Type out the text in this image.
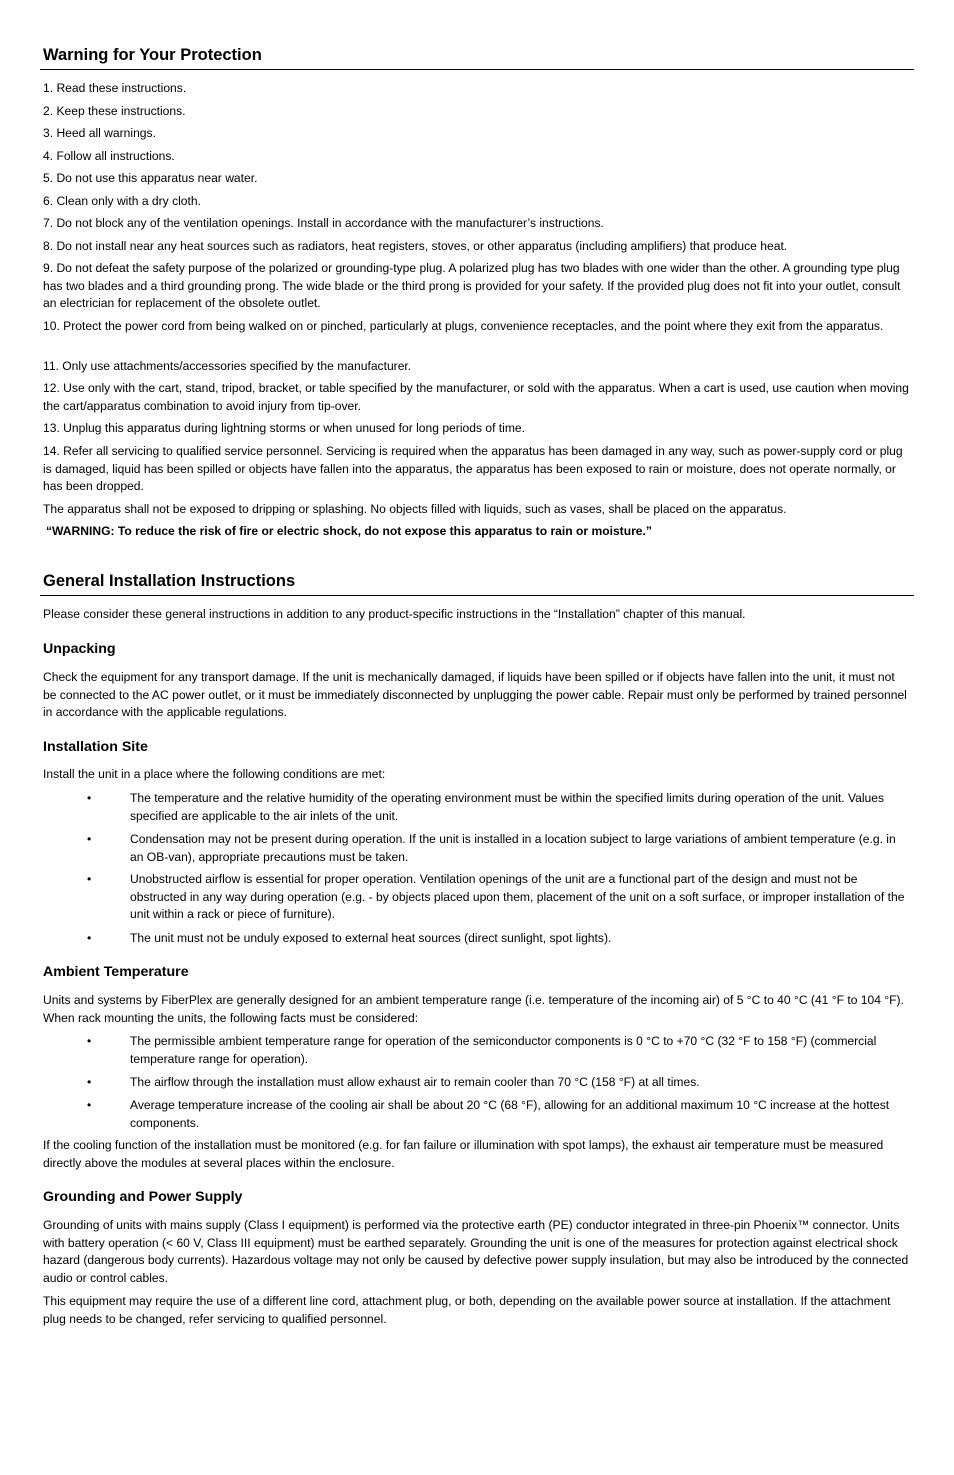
Warning for Your Protection

1. Read these instructions.

2. Keep these instructions.

3. Heed all warnings.

4. Follow all instructions.

5. Do not use this apparatus near water.

6. Clean only with a dry cloth.

7. Do not block any of the ventilation openings. Install in accordance with the manufacturer’s instructions.

8. Do not install near any heat sources such as radiators, heat registers, stoves, or other apparatus (including amplifiers) that produce heat.

9. Do not defeat the safety purpose of the polarized or grounding-type plug. A polarized plug has two blades with one wider than the other. A grounding type plug has two blades and a third grounding prong. The wide blade or the third prong is provided for your safety. If the provided plug does not fit into your outlet, consult an electrician for replacement of the obsolete outlet.

10. Protect the power cord from being walked on or pinched, particularly at plugs, convenience receptacles, and the point where they exit from the apparatus.

11. Only use attachments/accessories specified by the manufacturer.

12. Use only with the cart, stand, tripod, bracket, or table specified by the manufacturer, or sold with the apparatus. When a cart is used, use caution when moving the cart/apparatus combination to avoid injury from tip-over.

13. Unplug this apparatus during lightning storms or when unused for long periods of time.

14. Refer all servicing to qualified service personnel. Servicing is required when the apparatus has been damaged in any way, such as power-supply cord or plug is damaged, liquid has been spilled or objects have fallen into the apparatus, the apparatus has been exposed to rain or moisture, does not operate normally, or has been dropped.

The apparatus shall not be exposed to dripping or splashing. No objects filled with liquids, such as vases, shall be placed on the apparatus.

“WARNING: To reduce the risk of fire or electric shock, do not expose this apparatus to rain or moisture.”

General Installation Instructions

Please consider these general instructions in addition to any product-specific instructions in the “Installation” chapter of this manual.

Unpacking

Check the equipment for any transport damage. If the unit is mechanically damaged, if liquids have been spilled or if objects have fallen into the unit, it must not be connected to the AC power outlet, or it must be immediately disconnected by unplugging the power cable. Repair must only be performed by trained personnel in accordance with the applicable regulations.

Installation Site

Install the unit in a place where the following conditions are met:

•	The temperature and the relative humidity of the operating environment must be within the specified limits during operation of the unit. Values specified are applicable to the air inlets of the unit.
•	Condensation may not be present during operation. If the unit is installed in a location subject to large variations of ambient temperature (e.g. in an OB-van), appropriate precautions must be taken.
•	Unobstructed airflow is essential for proper operation. Ventilation openings of the unit are a functional part of the design and must not be obstructed in any way during operation (e.g. - by objects placed upon them, placement of the unit on a soft surface, or improper installation of the unit within a rack or piece of furniture).
•	The unit must not be unduly exposed to external heat sources (direct sunlight, spot lights).
Ambient Temperature

Units and systems by FiberPlex are generally designed for an ambient temperature range (i.e. temperature of the incoming air) of 5 °C to 40 °C (41 °F to 104 °F). When rack mounting the units, the following facts must be considered:

•	The permissible ambient temperature range for operation of the semiconductor components is 0 °C to +70 °C (32 °F to 158 °F) (commercial temperature range for operation).
•	The airflow through the installation must allow exhaust air to remain cooler than 70 °C (158 °F) at all times.
•	Average temperature increase of the cooling air shall be about 20 °C (68 °F), allowing for an additional maximum 10 °C increase at the hottest components.

If the cooling function of the installation must be monitored (e.g. for fan failure or illumination with spot lamps), the exhaust air temperature must be measured directly above the modules at several places within the enclosure.

Grounding and Power Supply

Grounding of units with mains supply (Class I equipment) is performed via the protective earth (PE) conductor integrated in three-pin Phoenix™ connector. Units with battery operation (< 60 V, Class III equipment) must be earthed separately. Grounding the unit is one of the measures for protection against electrical shock hazard (dangerous body currents). Hazardous voltage may not only be caused by defective power supply insulation, but may also be introduced by the connected audio or control cables.

This equipment may require the use of a different line cord, attachment plug, or both, depending on the available power source at installation. If the attachment plug needs to be changed, refer servicing to qualified personnel.
